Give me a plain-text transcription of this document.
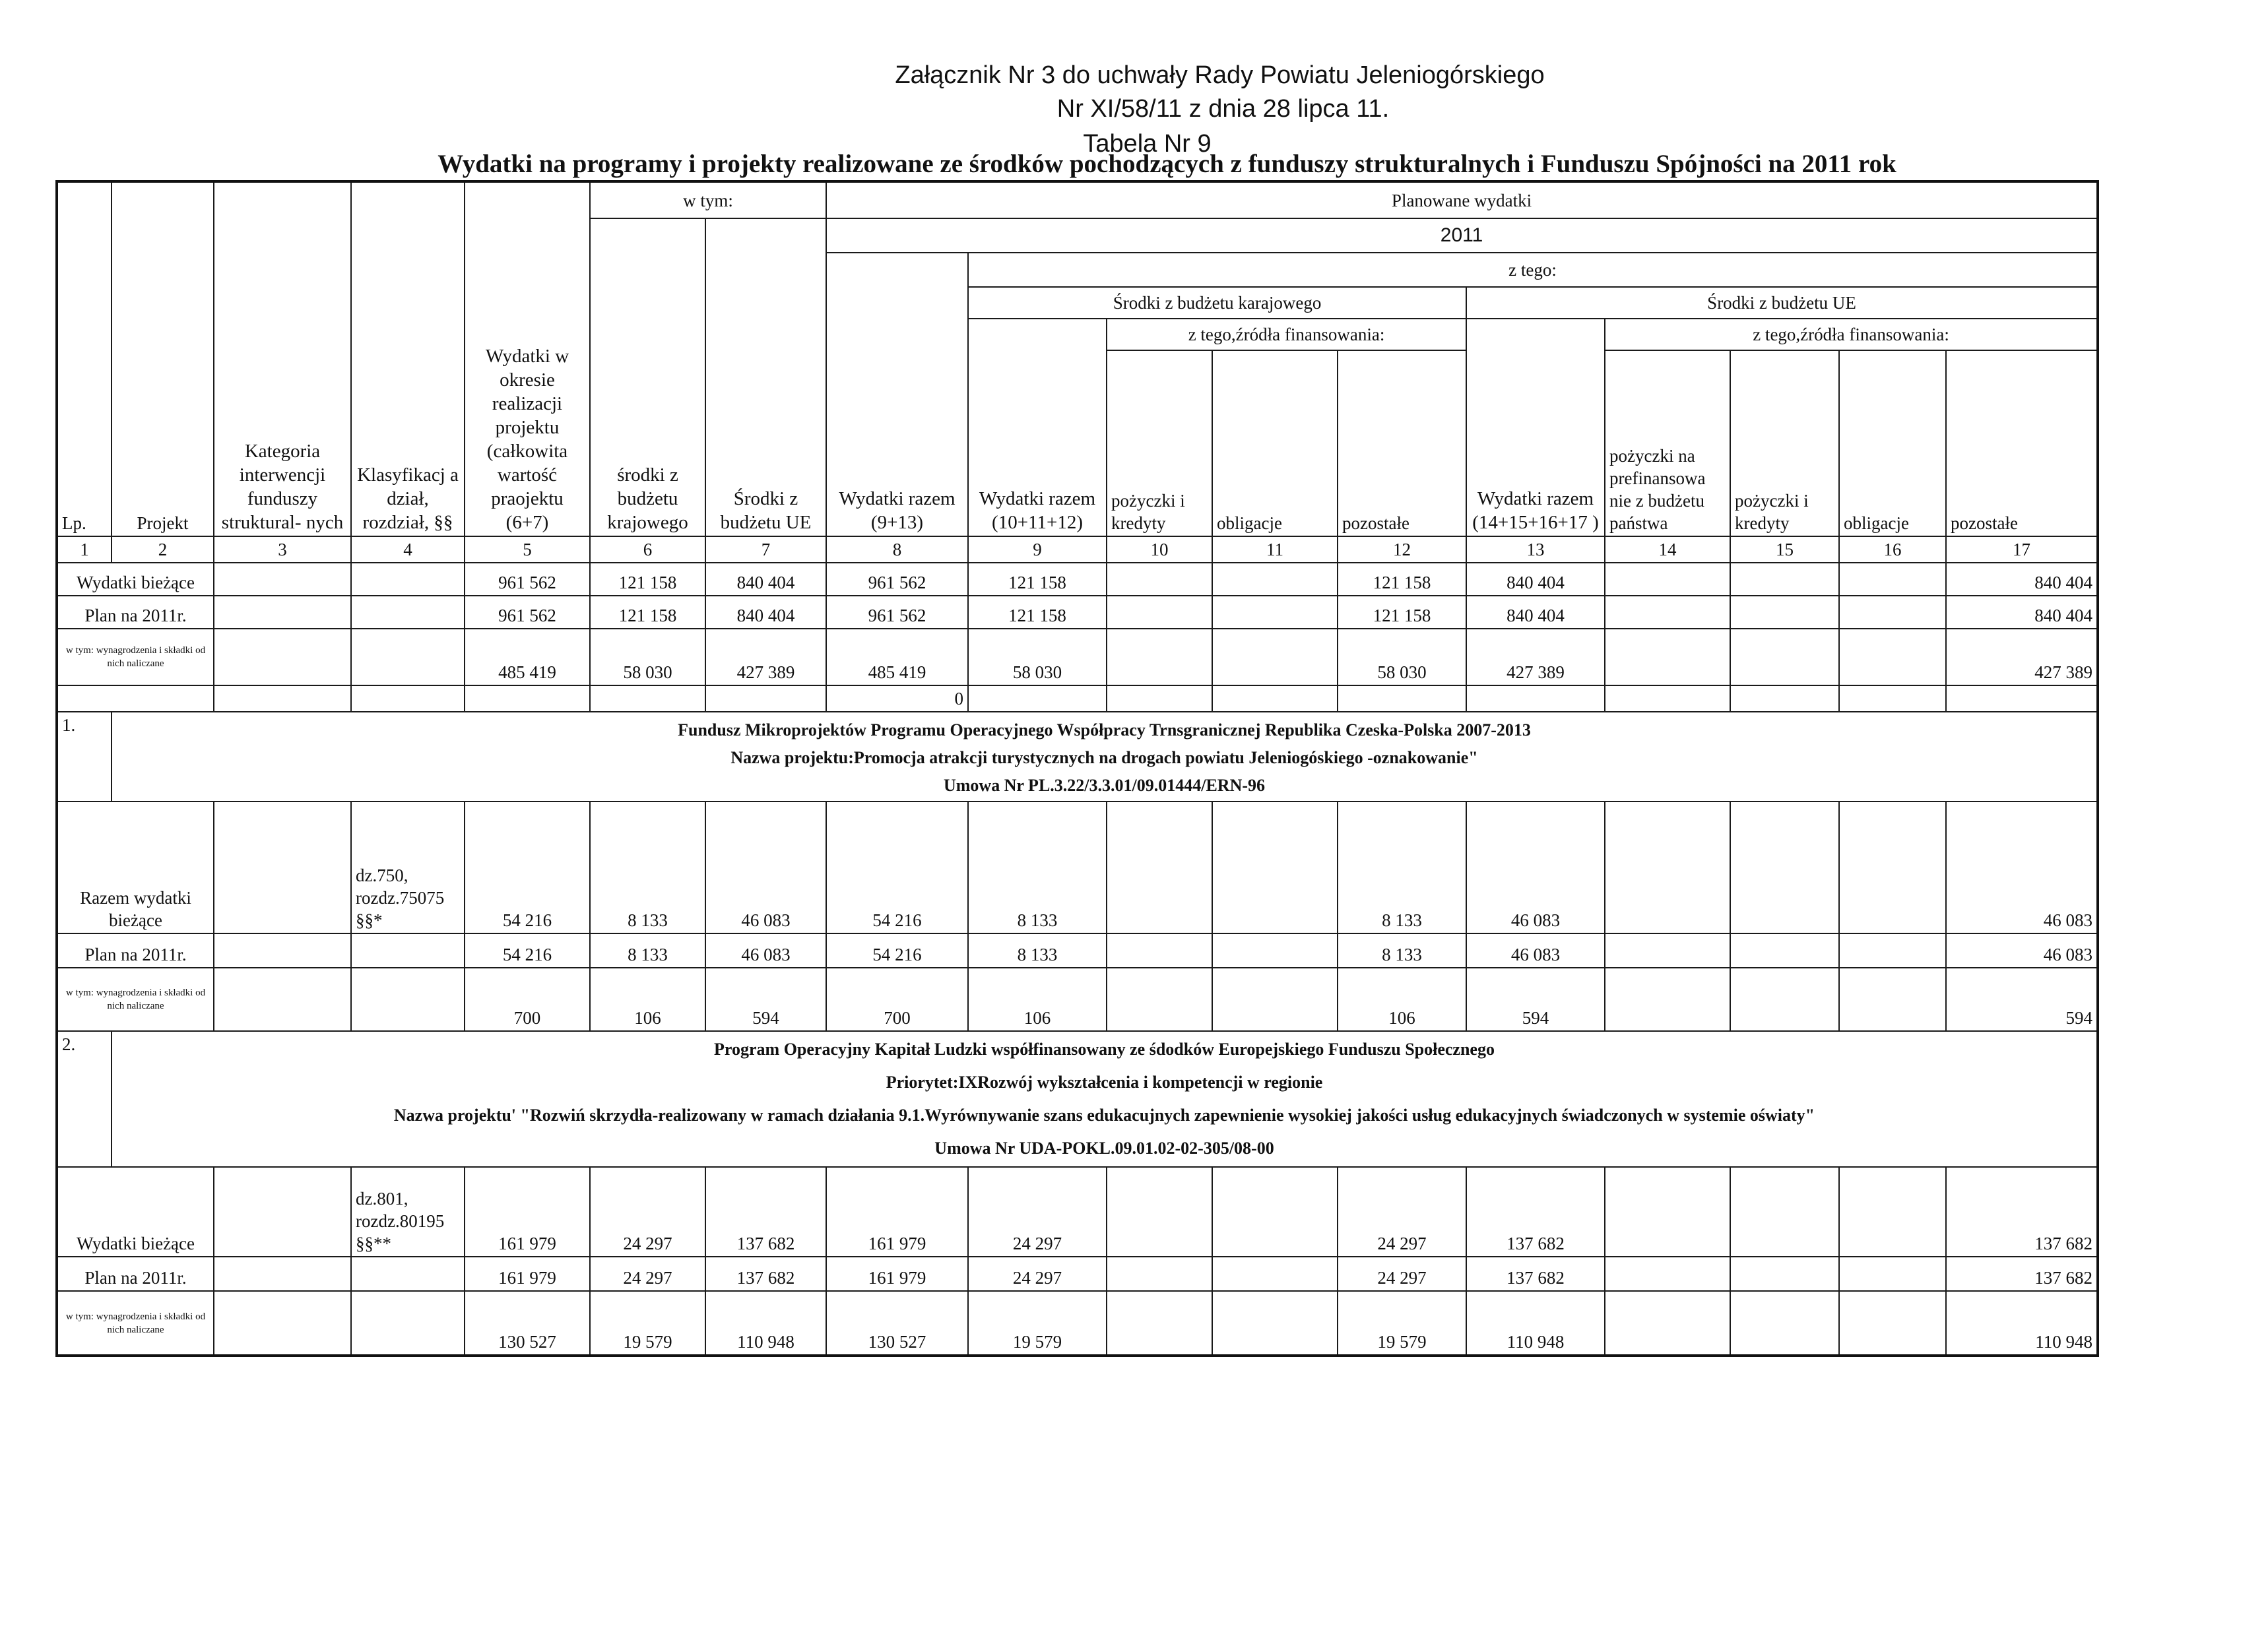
Załącznik Nr 3 do uchwały Rady Powiatu Jeleniogórskiego
Nr XI/58/11 z dnia 28 lipca 11.
Tabela Nr 9
Wydatki na programy i projekty realizowane ze środków pochodzących z funduszy strukturalnych i Funduszu Spójności na 2011 rok
Lp.	Projekt	Kategoria interwencji funduszy struktural- nych	Klasyfikacj a dział, rozdział, §§	Wydatki w okresie realizacji projektu (całkowita wartość praojektu (6+7)	w tym:		Planowane wydatki									
					środki z budżetu krajowego	Środki z budżetu UE	2011									
							Wydatki razem (9+13)	z tego:								
								Środki z budżetu karajowego				Środki z budżetu UE				
								Wydatki razem (10+11+12)	z tego,źródła finansowania:			Wydatki razem (14+15+16+17 )	z tego,źródła finansowania:			
									pożyczki i kredyty	obligacje	pozostałe		pożyczki na prefinansowa nie z budżetu państwa	pożyczki i kredyty	obligacje	pozostałe

1	2	3	4	5	6	7	8	9	10	11	12	13	14	15	16	17
Wydatki bieżące				961 562	121 158	840 404	961 562	121 158			121 158	840 404				840 404
Plan na 2011r.				961 562	121 158	840 404	961 562	121 158			121 158	840 404				840 404
w tym: wynagrodzenia i składki od nich naliczane				485 419	58 030	427 389	485 419	58 030			58 030	427 389				427 389
							0									
1.	Fundusz Mikroprojektów Programu Operacyjnego Współpracy Trnsgranicznej Republika Czeska-Polska 2007-2013
Nazwa projektu:Promocja atrakcji turystycznych na drogach powiatu Jeleniogóskiego -oznakowanie"
Umowa Nr PL.3.22/3.3.01/09.01444/ERN-96															

Razem wydatki bieżące			dz.750, rozdz.75075 §§*	54 216	8 133	46 083	54 216	8 133			8 133	46 083				46 083
Plan na 2011r.				54 216	8 133	46 083	54 216	8 133			8 133	46 083				46 083
w tym: wynagrodzenia i składki od nich naliczane				700	106	594	700	106			106	594				594
2.	Program Operacyjny Kapitał Ludzki współfinansowany ze śdodków Europejskiego Funduszu Społecznego
Priorytet:IXRozwój wykształcenia i kompetencji w regionie
Nazwa projektu' "Rozwiń skrzydła-realizowany w ramach działania 9.1.Wyrównywanie szans edukacujnych zapewnienie wysokiej jakości usług edukacyjnych świadczonych w systemie oświaty"
Umowa Nr UDA-POKL.09.01.02-02-305/08-00															

Wydatki bieżące			dz.801, rozdz.80195 §§**	161 979	24 297	137 682	161 979	24 297			24 297	137 682				137 682
Plan na 2011r.				161 979	24 297	137 682	161 979	24 297			24 297	137 682				137 682
w tym: wynagrodzenia i składki od nich naliczane				130 527	19 579	110 948	130 527	19 579			19 579	110 948				110 948
